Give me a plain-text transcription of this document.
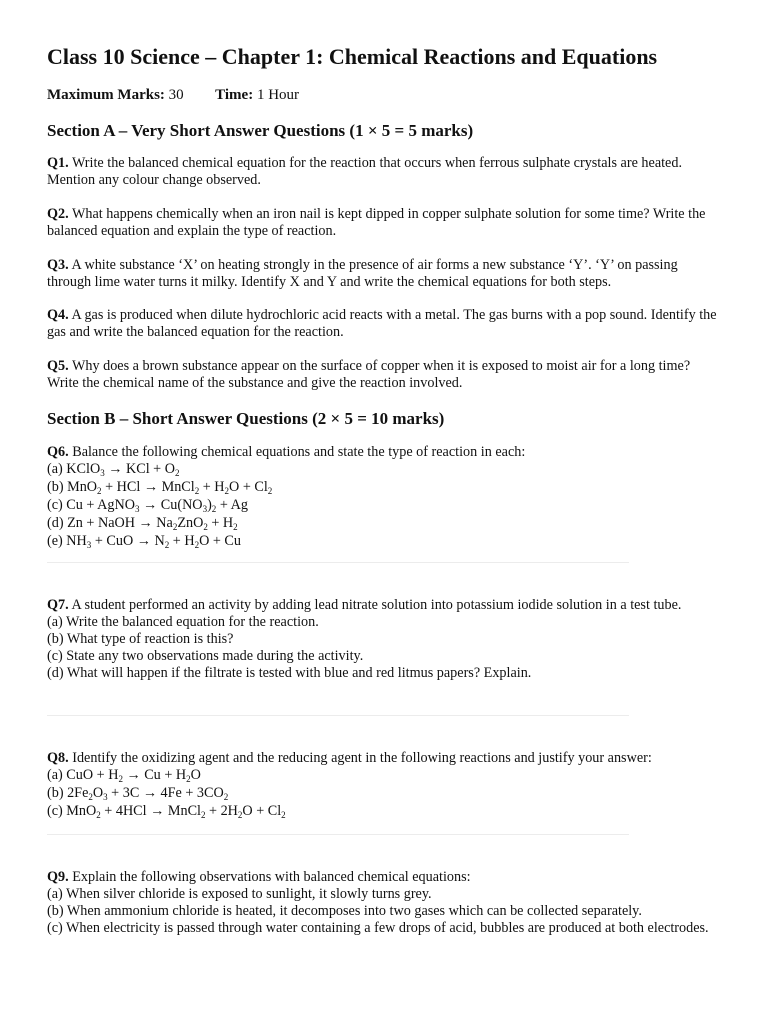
Class 10 Science – Chapter 1: Chemical Reactions and Equations
Maximum Marks: 30 Time: 1 Hour
Section A – Very Short Answer Questions (1 × 5 = 5 marks)
Q1. Write the balanced chemical equation for the reaction that occurs when ferrous sulphate crystals are heated. Mention any colour change observed.
Q2. What happens chemically when an iron nail is kept dipped in copper sulphate solution for some time? Write the balanced equation and explain the type of reaction.
Q3. A white substance ‘X’ on heating strongly in the presence of air forms a new substance ‘Y’. ‘Y’ on passing through lime water turns it milky. Identify X and Y and write the chemical equations for both steps.
Q4. A gas is produced when dilute hydrochloric acid reacts with a metal. The gas burns with a pop sound. Identify the gas and write the balanced equation for the reaction.
Q5. Why does a brown substance appear on the surface of copper when it is exposed to moist air for a long time? Write the chemical name of the substance and give the reaction involved.
Section B – Short Answer Questions (2 × 5 = 10 marks)
Q6. Balance the following chemical equations and state the type of reaction in each:
(a) KClO$_3$ → KCl + $O_2$
(b) MnO$_2$ + HCl → MnCl$_2$ + $H_2O + Cl_2$
(c) Cu + AgNO$_3$ → $Cu(NO_3)_2 + Ag$
(d) Zn + NaOH → $Na_2ZnO_2 + H_2$
(e) $NH_3$ + CuO → $N_2 + H_2O + Cu$
Q7. A student performed an activity by adding lead nitrate solution into potassium iodide solution in a test tube.
(a) Write the balanced equation for the reaction.
(b) What type of reaction is this?
(c) State any two observations made during the activity.
(d) What will happen if the filtrate is tested with blue and red litmus papers? Explain.
Q8. Identify the oxidizing agent and the reducing agent in the following reactions and justify your answer:
(a) CuO + $H_2 \to Cu + H_2O$
(b) $2Fe_2O_3 + 3C \to 4Fe + 3CO_2$
(c) MnO$_2$ + 4HCl → MnCl$_2$ + $2H_2O + Cl_2$
Q9. Explain the following observations with balanced chemical equations:
(a) When silver chloride is exposed to sunlight, it slowly turns grey.
(b) When ammonium chloride is heated, it decomposes into two gases which can be collected separately.
(c) When electricity is passed through water containing a few drops of acid, bubbles are produced at both electrodes.
